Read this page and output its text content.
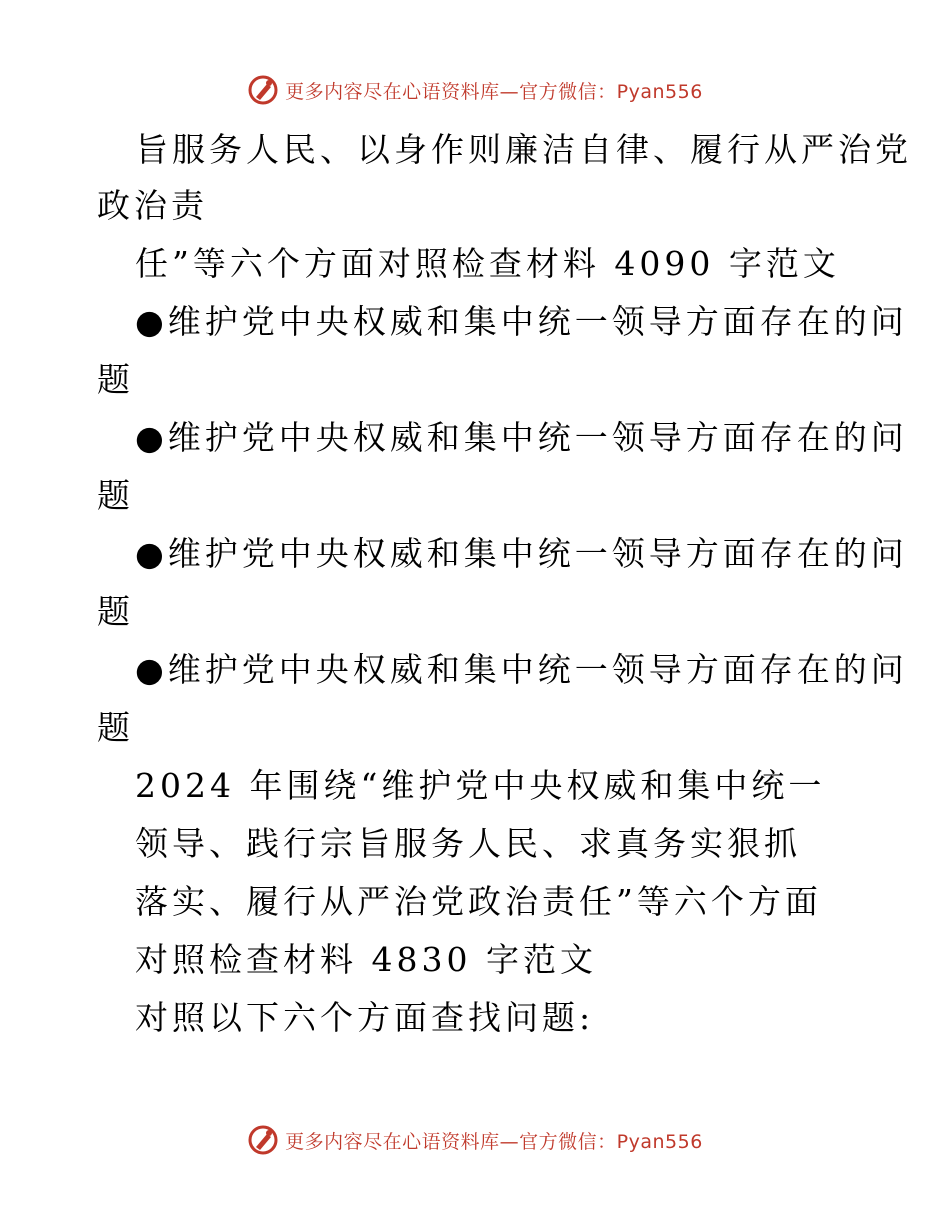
更多内容尽在心语资料库—官方微信：Pyan556
旨服务人民、以身作则廉洁自律、履行从严治党
政治责
任”等六个方面对照检查材料 4090 字范文
●维护党中央权威和集中统一领导方面存在的问
题
●维护党中央权威和集中统一领导方面存在的问
题
●维护党中央权威和集中统一领导方面存在的问
题
●维护党中央权威和集中统一领导方面存在的问
题
2024 年围绕“维护党中央权威和集中统一
领导、践行宗旨服务人民、求真务实狠抓
落实、履行从严治党政治责任”等六个方面
对照检查材料 4830 字范文
对照以下六个方面查找问题:
更多内容尽在心语资料库—官方微信：Pyan556
